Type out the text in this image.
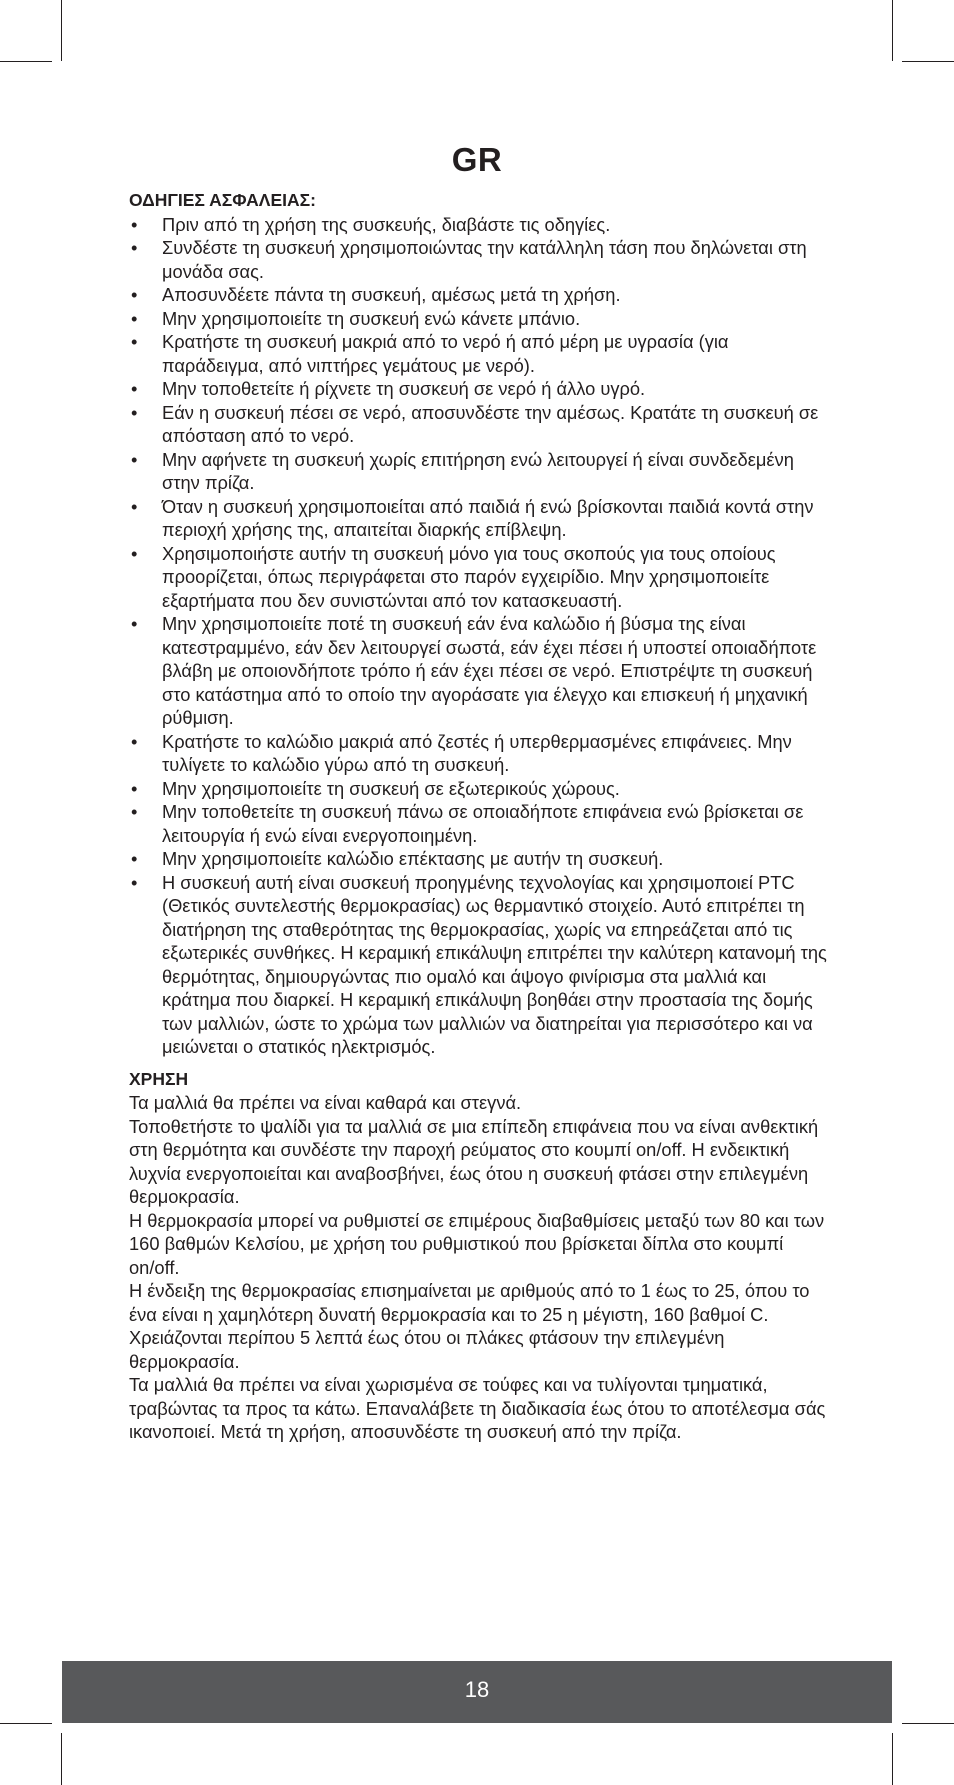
GR
ΟΔΗΓΙΕΣ ΑΣΦΑΛΕΙΑΣ:
• Πριν από τη χρήση της συσκευής, διαβάστε τις οδηγίες.
• Συνδέστε τη συσκευή χρησιμοποιώντας την κατάλληλη τάση που δηλώνεται στη μονάδα σας.
• Αποσυνδέετε πάντα τη συσκευή, αμέσως μετά τη χρήση.
• Μην χρησιμοποιείτε τη συσκευή ενώ κάνετε μπάνιο.
• Κρατήστε τη συσκευή μακριά από το νερό ή από μέρη με υγρασία (για παράδειγμα, από νιπτήρες γεμάτους με νερό).
• Μην τοποθετείτε ή ρίχνετε τη συσκευή σε νερό ή άλλο υγρό.
• Εάν η συσκευή πέσει σε νερό, αποσυνδέστε την αμέσως. Κρατάτε τη συσκευή σε απόσταση από το νερό.
• Μην αφήνετε τη συσκευή χωρίς επιτήρηση ενώ λειτουργεί ή είναι συνδεδεμένη στην πρίζα.
• Όταν η συσκευή χρησιμοποιείται από παιδιά ή ενώ βρίσκονται παιδιά κοντά στην περιοχή χρήσης της, απαιτείται διαρκής επίβλεψη.
• Χρησιμοποιήστε αυτήν τη συσκευή μόνο για τους σκοπούς για τους οποίους προορίζεται, όπως περιγράφεται στο παρόν εγχειρίδιο. Μην χρησιμοποιείτε εξαρτήματα που δεν συνιστώνται από τον κατασκευαστή.
• Μην χρησιμοποιείτε ποτέ τη συσκευή εάν ένα καλώδιο ή βύσμα της είναι κατεστραμμένο, εάν δεν λειτουργεί σωστά, εάν έχει πέσει ή υποστεί οποιαδήποτε βλάβη με οποιονδήποτε τρόπο ή εάν έχει πέσει σε νερό. Επιστρέψτε τη συσκευή στο κατάστημα από το οποίο την αγοράσατε για έλεγχο και επισκευή ή μηχανική ρύθμιση.
• Κρατήστε το καλώδιο μακριά από ζεστές ή υπερθερμασμένες επιφάνειες. Μην τυλίγετε το καλώδιο γύρω από τη συσκευή.
• Μην χρησιμοποιείτε τη συσκευή σε εξωτερικούς χώρους.
• Μην τοποθετείτε τη συσκευή πάνω σε οποιαδήποτε επιφάνεια ενώ βρίσκεται σε λειτουργία ή ενώ είναι ενεργοποιημένη.
• Μην χρησιμοποιείτε καλώδιο επέκτασης με αυτήν τη συσκευή.
• Η συσκευή αυτή είναι συσκευή προηγμένης τεχνολογίας και χρησιμοποιεί PTC (Θετικός συντελεστής θερμοκρασίας) ως θερμαντικό στοιχείο. Αυτό επιτρέπει τη διατήρηση της σταθερότητας της θερμοκρασίας, χωρίς να επηρεάζεται από τις εξωτερικές συνθήκες. Η κεραμική επικάλυψη επιτρέπει την καλύτερη κατανομή της θερμότητας, δημιουργώντας πιο ομαλό και άψογο φινίρισμα στα μαλλιά και κράτημα που διαρκεί. Η κεραμική επικάλυψη βοηθάει στην προστασία της δομής των μαλλιών, ώστε το χρώμα των μαλλιών να διατηρείται για περισσότερο και να μειώνεται ο στατικός ηλεκτρισμός.
ΧΡΗΣΗ

Τα μαλλιά θα πρέπει να είναι καθαρά και στεγνά.

Τοποθετήστε το ψαλίδι για τα μαλλιά σε μια επίπεδη επιφάνεια που να είναι ανθεκτική στη θερμότητα και συνδέστε την παροχή ρεύματος στο κουμπί on/off. Η ενδεικτική λυχνία ενεργοποιείται και αναβοσβήνει, έως ότου η συσκευή φτάσει στην επιλεγμένη θερμοκρασία.

Η θερμοκρασία μπορεί να ρυθμιστεί σε επιμέρους διαβαθμίσεις μεταξύ των 80 και των 160 βαθμών Κελσίου, με χρήση του ρυθμιστικού που βρίσκεται δίπλα στο κουμπί on/off.

Η ένδειξη της θερμοκρασίας επισημαίνεται με αριθμούς από το 1 έως το 25, όπου το ένα είναι η χαμηλότερη δυνατή θερμοκρασία και το 25 η μέγιστη, 160 βαθμοί C.

Χρειάζονται περίπου 5 λεπτά έως ότου οι πλάκες φτάσουν την επιλεγμένη θερμοκρασία.

Τα μαλλιά θα πρέπει να είναι χωρισμένα σε τούφες και να τυλίγονται τμηματικά, τραβώντας τα προς τα κάτω. Επαναλάβετε τη διαδικασία έως ότου το αποτέλεσμα σάς ικανοποιεί. Μετά τη χρήση, αποσυνδέστε τη συσκευή από την πρίζα.

18
